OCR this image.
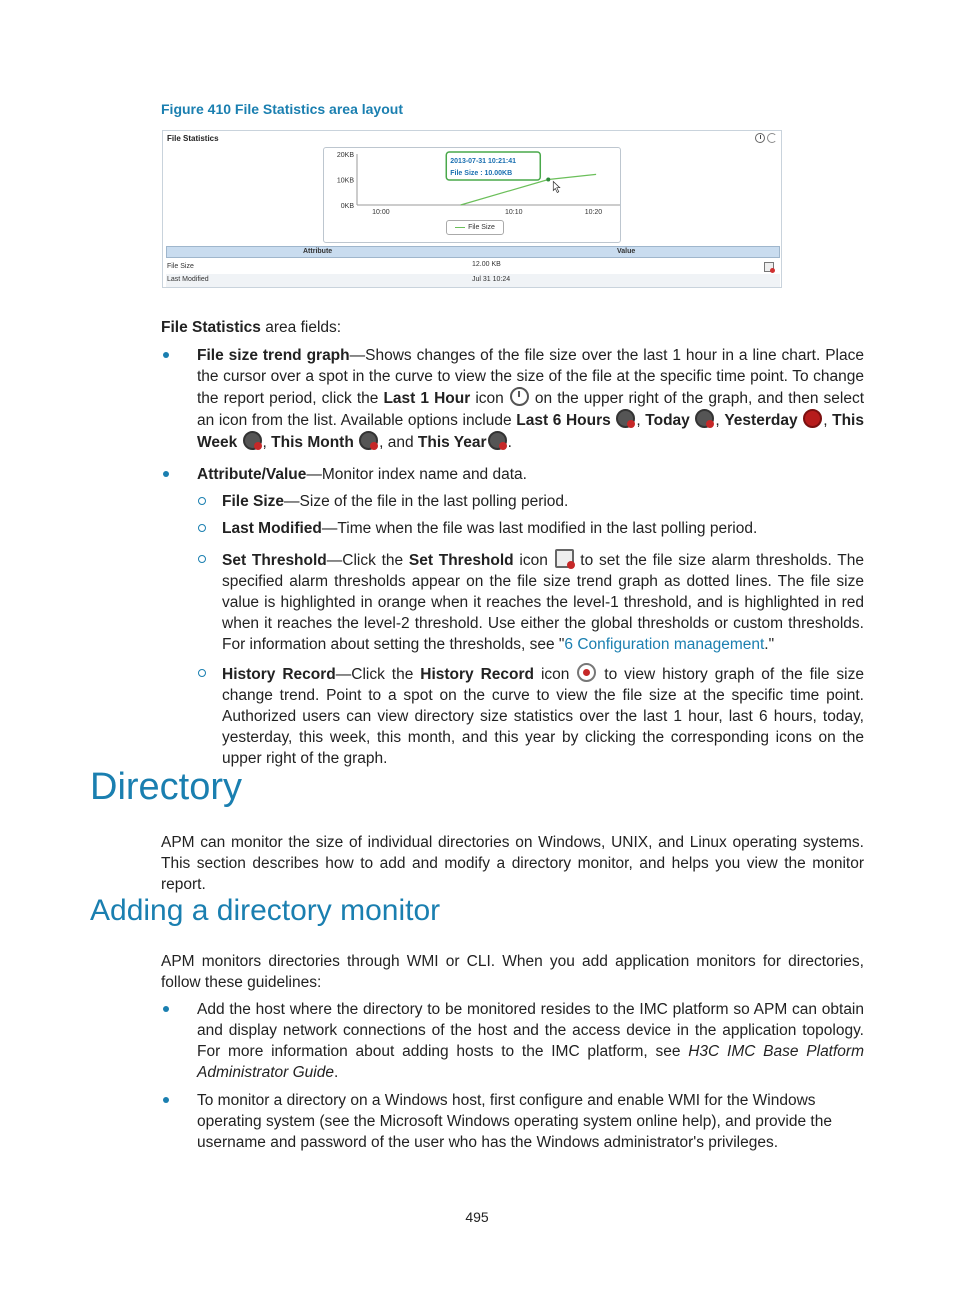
Figure 410 File Statistics area layout
File Statistics
20KB
10KB
0KB
10:00	10:10	10:20
2013-07-31 10:21:41
File Size : 10.00KB
File Size
Attribute	Value
File Size	12.00 KB
Last Modified	Jul 31 10:24
File Statistics area fields:
File size trend graph—Shows changes of the file size over the last 1 hour in a line chart. Place the cursor over a spot in the curve to view the size of the file at the specific time point. To change the report period, click the Last 1 Hour icon  on the upper right of the graph, and then select an icon from the list. Available options include Last 6 Hours , Today , Yesterday , This Week , This Month , and This Year .
Attribute/Value—Monitor index name and data.
File Size—Size of the file in the last polling period.
Last Modified—Time when the file was last modified in the last polling period.
Set Threshold—Click the Set Threshold icon  to set the file size alarm thresholds. The specified alarm thresholds appear on the file size trend graph as dotted lines. The file size value is highlighted in orange when it reaches the level-1 threshold, and is highlighted in red when it reaches the level-2 threshold. Use either the global thresholds or custom thresholds. For information about setting the thresholds, see "6 Configuration management."
History Record—Click the History Record icon  to view history graph of the file size change trend. Point to a spot on the curve to view the file size at the specific time point. Authorized users can view directory size statistics over the last 1 hour, last 6 hours, today, yesterday, this week, this month, and this year by clicking the corresponding icons on the upper right of the graph.
Directory
APM can monitor the size of individual directories on Windows, UNIX, and Linux operating systems. This section describes how to add and modify a directory monitor, and helps you view the monitor report.
Adding a directory monitor
APM monitors directories through WMI or CLI. When you add application monitors for directories, follow these guidelines:
Add the host where the directory to be monitored resides to the IMC platform so APM can obtain and display network connections of the host and the access device in the application topology. For more information about adding hosts to the IMC platform, see H3C IMC Base Platform Administrator Guide.
To monitor a directory on a Windows host, first configure and enable WMI for the Windows operating system (see the Microsoft Windows operating system online help), and provide the username and password of the user who has the Windows administrator's privileges.
495
